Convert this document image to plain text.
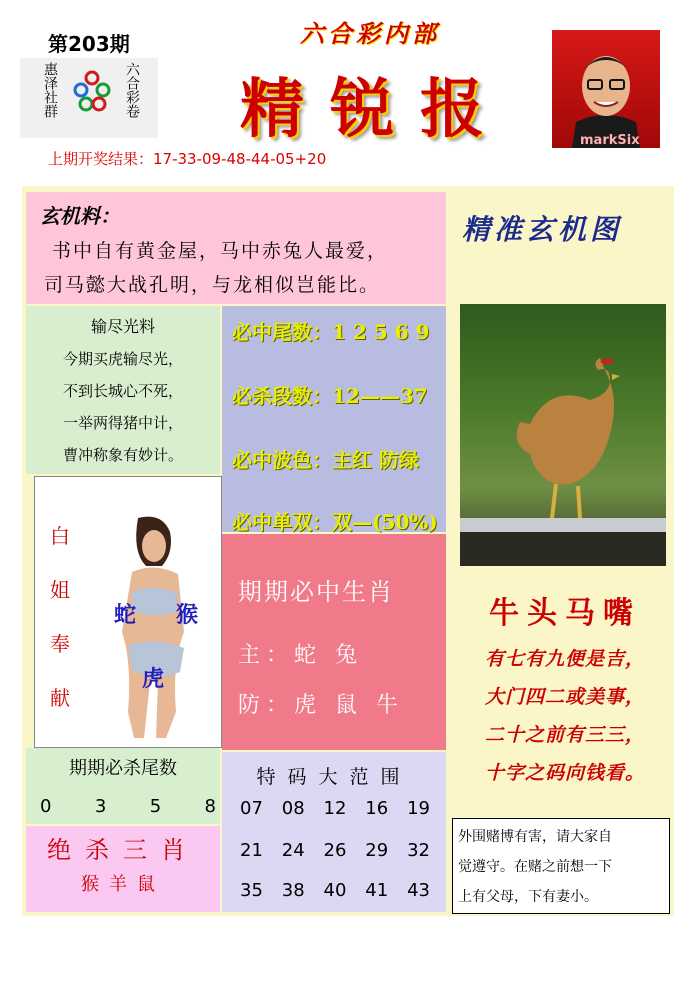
第203期
惠泽社群	六合彩卷
六合彩内部
精锐报	markSix
上期开奖结果：17-33-09-48-44-05+20
玄机料：
书中自有黄金屋，马中赤兔人最爱，
司马懿大战孔明，与龙相似岂能比。
输尽光料
今期买虎输尽光，
不到长城心不死，
一举两得猪中计，
曹冲称象有妙计。
必中尾数：1 2 5 6 9
必杀段数：12——37
必中波色：主红 防绿
必中单双：双—(50%)
白
姐
奉
献
蛇 猴
虎
期期必中生肖
主：蛇 兔
防：虎 鼠 牛
期期必杀尾数
0 3 5 8
绝杀三肖
猴羊鼠
特码大范围
07 08 12 16 19
21 24 26 29 32
35 38 40 41 43
精准玄机图
牛头马嘴
有七有九便是吉，
大门四二或美事，
二十之前有三三，
十字之码向钱看。
外围赌博有害，请大家自
觉遵守。在赌之前想一下
上有父母，下有妻小。
